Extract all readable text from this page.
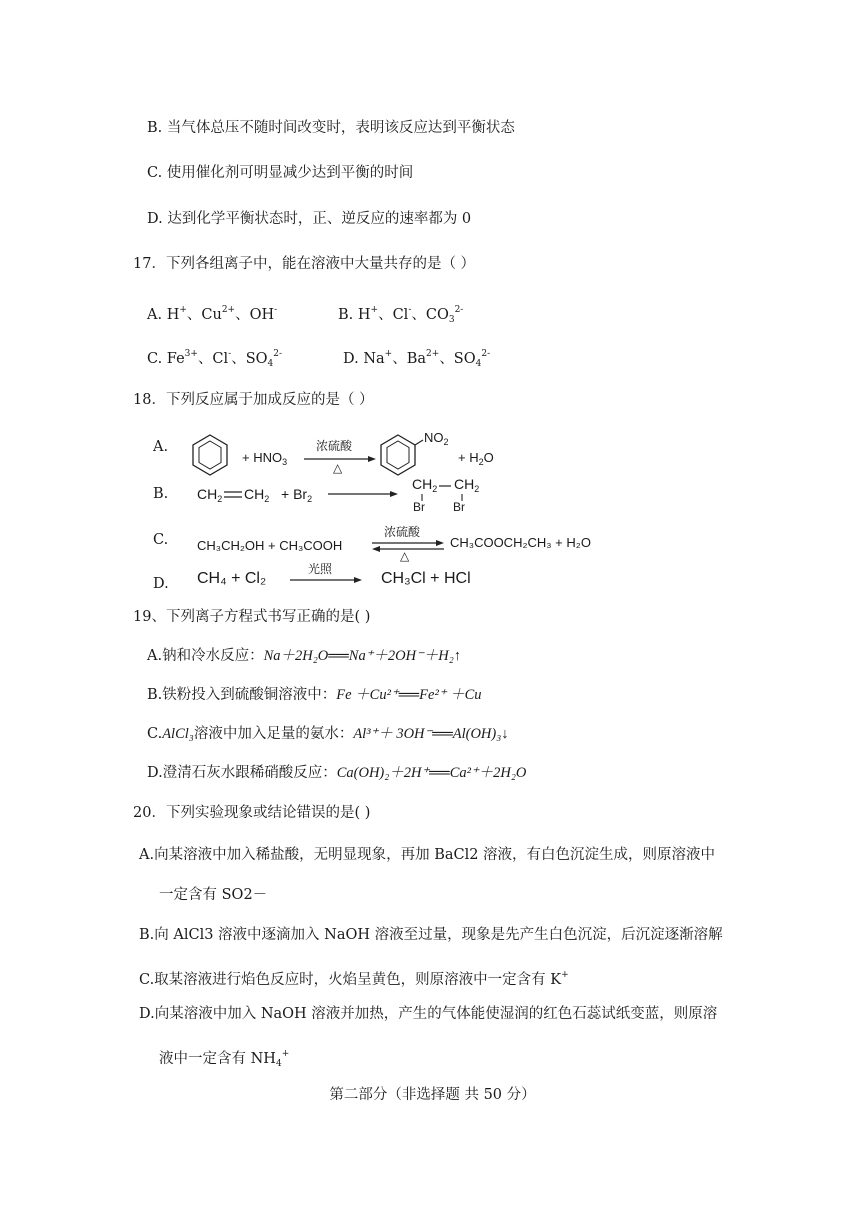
B. 当气体总压不随时间改变时，表明该反应达到平衡状态
C. 使用催化剂可明显减少达到平衡的时间
D. 达到化学平衡状态时，正、逆反应的速率都为 0
17．下列各组离子中，能在溶液中大量共存的是（ ）
A. H+、$Cu^{2+}$、OH-	B. H+、Cl-、$CO_3^{2-}$
C. $Fe^{3+}$、Cl-、$SO_4^{2-}$	D. Na+、$Ba^{2+}$、$SO_4^{2-}$
18．下列反应属于加成反应的是（ ）
A.
+ $HNO_3$
浓硫酸
△
$NO_2$
+ $H_2O$
B. $CH_2$ $CH_2 + Br_2$
$CH_2$ $CH_2$
Br Br
C. CH₃CH₂OH + CH₃COOH
浓硫酸
△
CH₃COOCH₂CH₃ + H₂O
D. CH₄ + Cl₂
光照
CH₃Cl + HCl
19、下列离子方程式书写正确的是( )
A.钠和冷水反应：Na＋2H₂O══Na⁺＋2OH⁻＋H₂↑
B.铁粉投入到硫酸铜溶液中：Fe ＋Cu²⁺══Fe²⁺ ＋Cu
C.AlCl₃溶液中加入足量的氨水：Al³⁺＋ 3OH⁻══Al(OH)₃↓
D.澄清石灰水跟稀硝酸反应：Ca(OH)₂＋2H⁺══Ca²⁺＋2H₂O
20．下列实验现象或结论错误的是( )
A.向某溶液中加入稀盐酸，无明显现象，再加 BaCl2 溶液，有白色沉淀生成，则原溶液中
一定含有 SO2－
B.向 AlCl3 溶液中逐滴加入 NaOH 溶液至过量，现象是先产生白色沉淀，后沉淀逐渐溶解
C.取某溶液进行焰色反应时，火焰呈黄色，则原溶液中一定含有 K+
D.向某溶液中加入 NaOH 溶液并加热，产生的气体能使湿润的红色石蕊试纸变蓝，则原溶
液中一定含有 $NH_4^+$
第二部分（非选择题 共 50 分）
